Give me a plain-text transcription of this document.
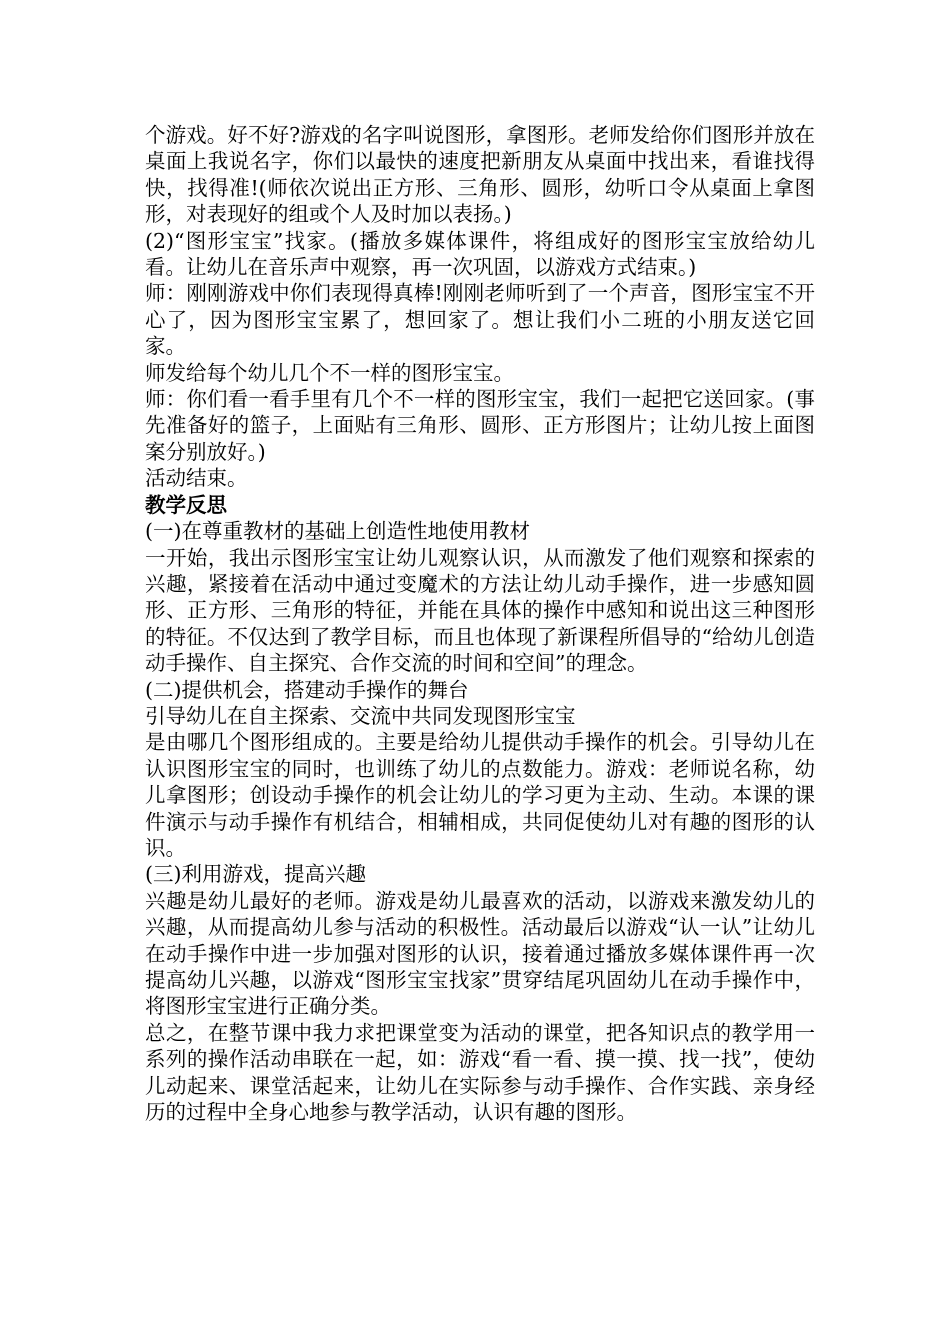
个游戏。好不好?游戏的名字叫说图形，拿图形。老师发给你们图形并放在桌面上我说名字，你们以最快的速度把新朋友从桌面中找出来，看谁找得快，找得准!(师依次说出正方形、三角形、圆形，幼听口令从桌面上拿图形，对表现好的组或个人及时加以表扬。)

(2)“图形宝宝”找家。(播放多媒体课件，将组成好的图形宝宝放给幼儿看。让幼儿在音乐声中观察，再一次巩固，以游戏方式结束。)

师：刚刚游戏中你们表现得真棒!刚刚老师听到了一个声音，图形宝宝不开心了，因为图形宝宝累了，想回家了。想让我们小二班的小朋友送它回家。

师发给每个幼儿几个不一样的图形宝宝。

师：你们看一看手里有几个不一样的图形宝宝，我们一起把它送回家。(事先准备好的篮子，上面贴有三角形、圆形、正方形图片；让幼儿按上面图案分别放好。)

活动结束。

教学反思

(一)在尊重教材的基础上创造性地使用教材

一开始，我出示图形宝宝让幼儿观察认识，从而激发了他们观察和探索的兴趣，紧接着在活动中通过变魔术的方法让幼儿动手操作，进一步感知圆形、正方形、三角形的特征，并能在具体的操作中感知和说出这三种图形的特征。不仅达到了教学目标，而且也体现了新课程所倡导的“给幼儿创造动手操作、自主探究、合作交流的时间和空间”的理念。

(二)提供机会，搭建动手操作的舞台

引导幼儿在自主探索、交流中共同发现图形宝宝

是由哪几个图形组成的。主要是给幼儿提供动手操作的机会。引导幼儿在认识图形宝宝的同时，也训练了幼儿的点数能力。游戏：老师说名称，幼儿拿图形；创设动手操作的机会让幼儿的学习更为主动、生动。本课的课件演示与动手操作有机结合，相辅相成，共同促使幼儿对有趣的图形的认识。

(三)利用游戏，提高兴趣

兴趣是幼儿最好的老师。游戏是幼儿最喜欢的活动，以游戏来激发幼儿的兴趣，从而提高幼儿参与活动的积极性。活动最后以游戏“认一认”让幼儿在动手操作中进一步加强对图形的认识，接着通过播放多媒体课件再一次提高幼儿兴趣，以游戏“图形宝宝找家”贯穿结尾巩固幼儿在动手操作中，将图形宝宝进行正确分类。

总之，在整节课中我力求把课堂变为活动的课堂，把各知识点的教学用一系列的操作活动串联在一起，如：游戏“看一看、摸一摸、找一找”，使幼儿动起来、课堂活起来，让幼儿在实际参与动手操作、合作实践、亲身经历的过程中全身心地参与教学活动，认识有趣的图形。
